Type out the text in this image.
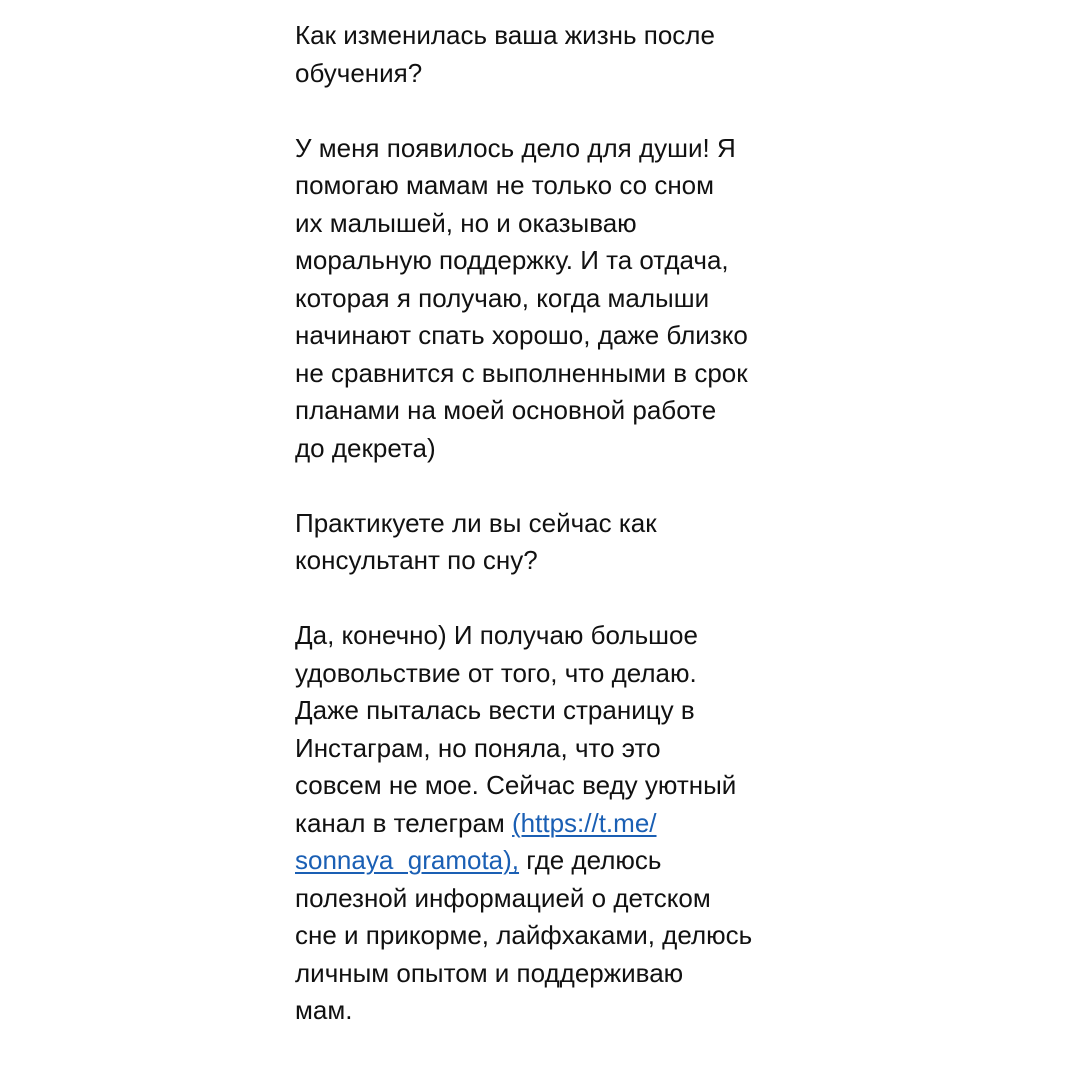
Как изменилась ваша жизнь после
обучения?
У меня появилось дело для души! Я
помогаю мамам не только со сном
их малышей, но и оказываю
моральную поддержку. И та отдача,
которая я получаю, когда малыши
начинают спать хорошо, даже близко
не сравнится с выполненными в срок
планами на моей основной работе
до декрета)
Практикуете ли вы сейчас как
консультант по сну?
Да, конечно) И получаю большое
удовольствие от того, что делаю.
Даже пыталась вести страницу в
Инстаграм, но поняла, что это
совсем не мое. Сейчас веду уютный
канал в телеграм (https://t.me/
sonnaya_gramota), где делюсь
полезной информацией о детском
сне и прикорме, лайфхаками, делюсь
личным опытом и поддерживаю
мам.
